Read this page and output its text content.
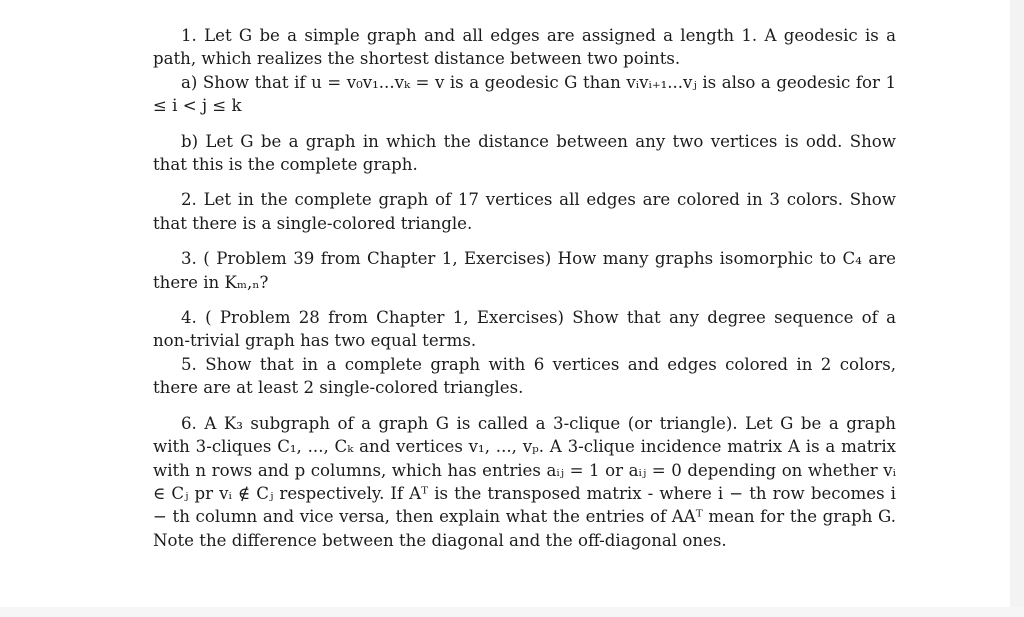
1. Let G be a simple graph and all edges are assigned a length 1. A geodesic is a path, which realizes the shortest distance between two points.

a) Show that if u = v₀v₁...vₖ = v is a geodesic G than vᵢvᵢ₊₁...vⱼ is also a geodesic for 1 ≤ i < j ≤ k

b) Let G be a graph in which the distance between any two vertices is odd. Show that this is the complete graph.

2. Let in the complete graph of 17 vertices all edges are colored in 3 colors. Show that there is a single-colored triangle.

3. ( Problem 39 from Chapter 1, Exercises) How many graphs isomorphic to C₄ are there in Kₘ,ₙ?

4. ( Problem 28 from Chapter 1, Exercises) Show that any degree sequence of a non-trivial graph has two equal terms.

5. Show that in a complete graph with 6 vertices and edges colored in 2 colors, there are at least 2 single-colored triangles.

6. A K₃ subgraph of a graph G is called a 3-clique (or triangle). Let G be a graph with 3-cliques C₁, ..., Cₖ and vertices v₁, ..., vₚ. A 3-clique incidence matrix A is a matrix with n rows and p columns, which has entries aᵢⱼ = 1 or aᵢⱼ = 0 depending on whether vᵢ ∈ Cⱼ pr vᵢ ∉ Cⱼ respectively. If Aᵀ is the transposed matrix - where i − th row becomes i − th column and vice versa, then explain what the entries of AAᵀ mean for the graph G. Note the difference between the diagonal and the off-diagonal ones.
